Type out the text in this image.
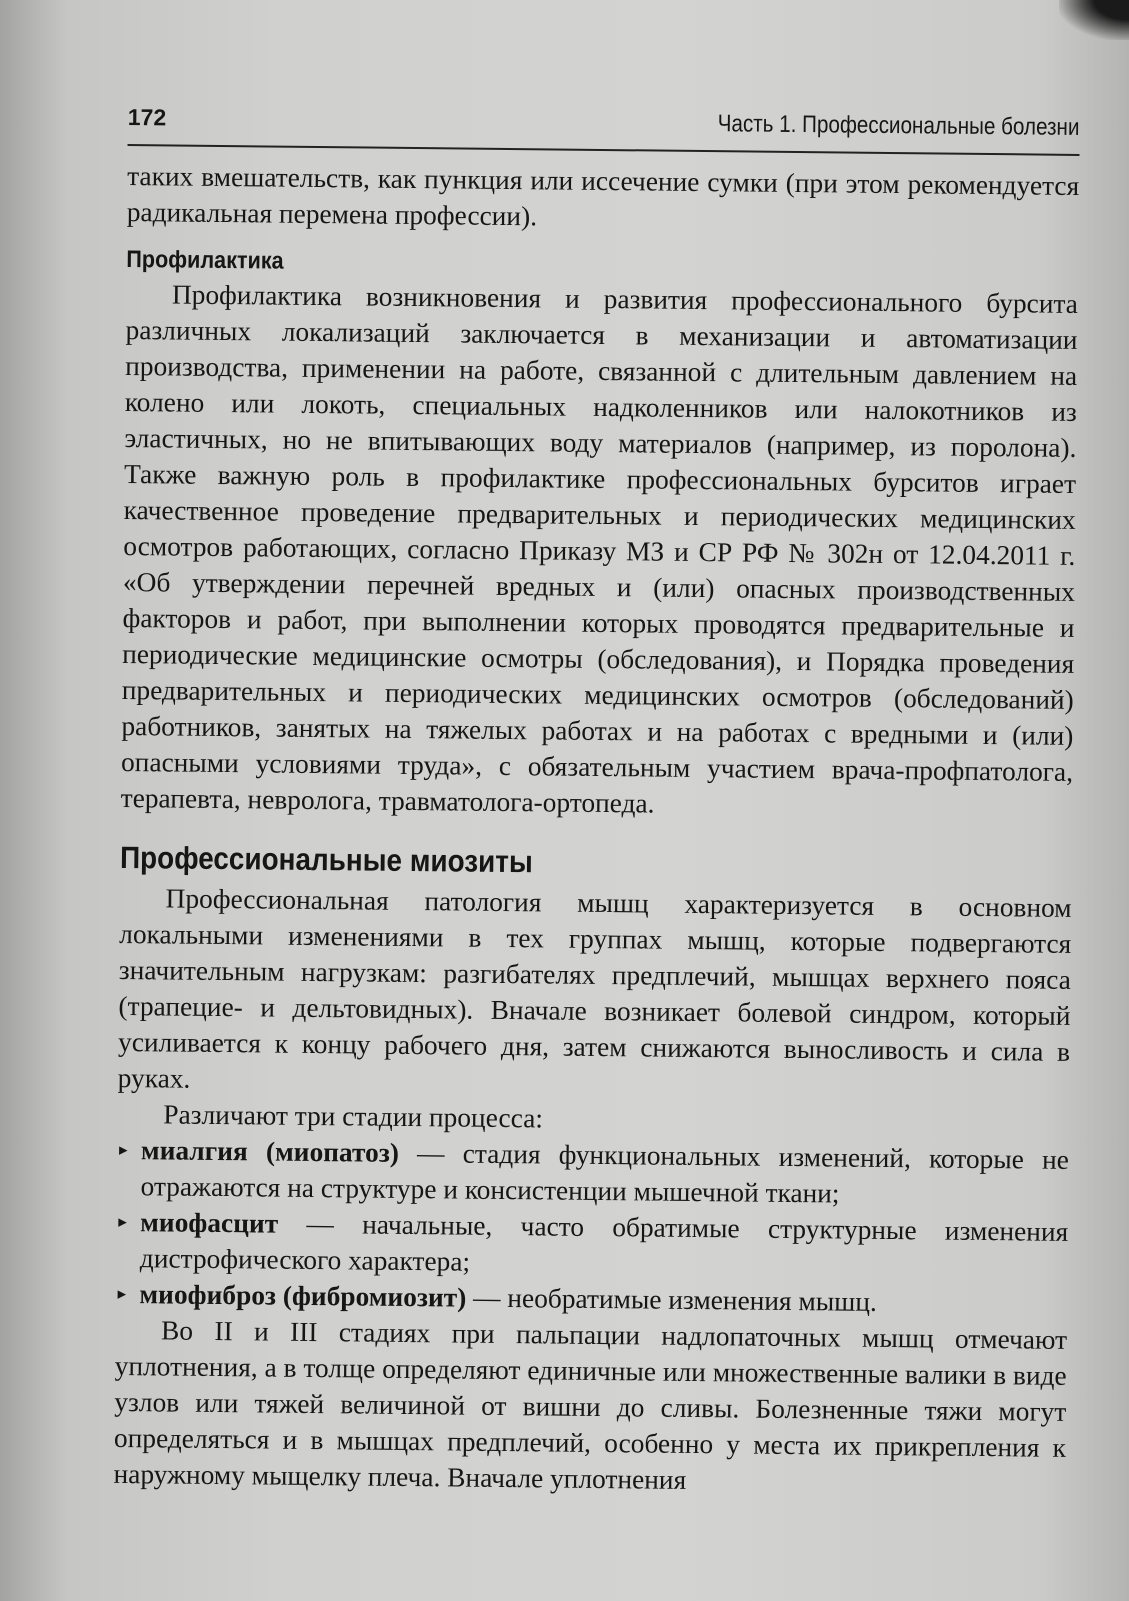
172	Часть 1. Профессиональные болезни

таких вмешательств, как пункция или иссечение сумки (при этом рекомендуется радикальная перемена профессии).

Профилактика

Профилактика возникновения и развития профессионального бурсита различных локализаций заключается в механизации и автоматизации производства, применении на работе, связанной с длительным давлением на колено или локоть, специальных надколенников или налокотников из эластичных, но не впитывающих воду материалов (например, из поролона). Также важную роль в профилактике профессиональных бурситов играет качественное проведение предварительных и периодических медицинских осмотров работающих, согласно Приказу МЗ и СР РФ № 302н от 12.04.2011 г. «Об утверждении перечней вредных и (или) опасных производственных факторов и работ, при выполнении которых проводятся предварительные и периодические медицинские осмотры (обследования), и Порядка проведения предварительных и периодических медицинских осмотров (обследований) работников, занятых на тяжелых работах и на работах с вредными и (или) опасными условиями труда», с обязательным участием врача-профпатолога, терапевта, невролога, травматолога-ортопеда.

Профессиональные миозиты

Профессиональная патология мышц характеризуется в основном локальными изменениями в тех группах мышц, которые подвергаются значительным нагрузкам: разгибателях предплечий, мышцах верхнего пояса (трапецие- и дельтовидных). Вначале возникает болевой синдром, который усиливается к концу рабочего дня, затем снижаются выносливость и сила в руках.

Различают три стадии процесса:

▸ миалгия (миопатоз) — стадия функциональных изменений, которые не отражаются на структуре и консистенции мышечной ткани;
▸ миофасцит — начальные, часто обратимые структурные изменения дистрофического характера;
▸ миофиброз (фибромиозит) — необратимые изменения мышц.

Во II и III стадиях при пальпации надлопаточных мышц отмечают уплотнения, а в толще определяют единичные или множественные валики в виде узлов или тяжей величиной от вишни до сливы. Болезненные тяжи могут определяться и в мышцах предплечий, особенно у места их прикрепления к наружному мыщелку плеча. Вначале уплотнения
